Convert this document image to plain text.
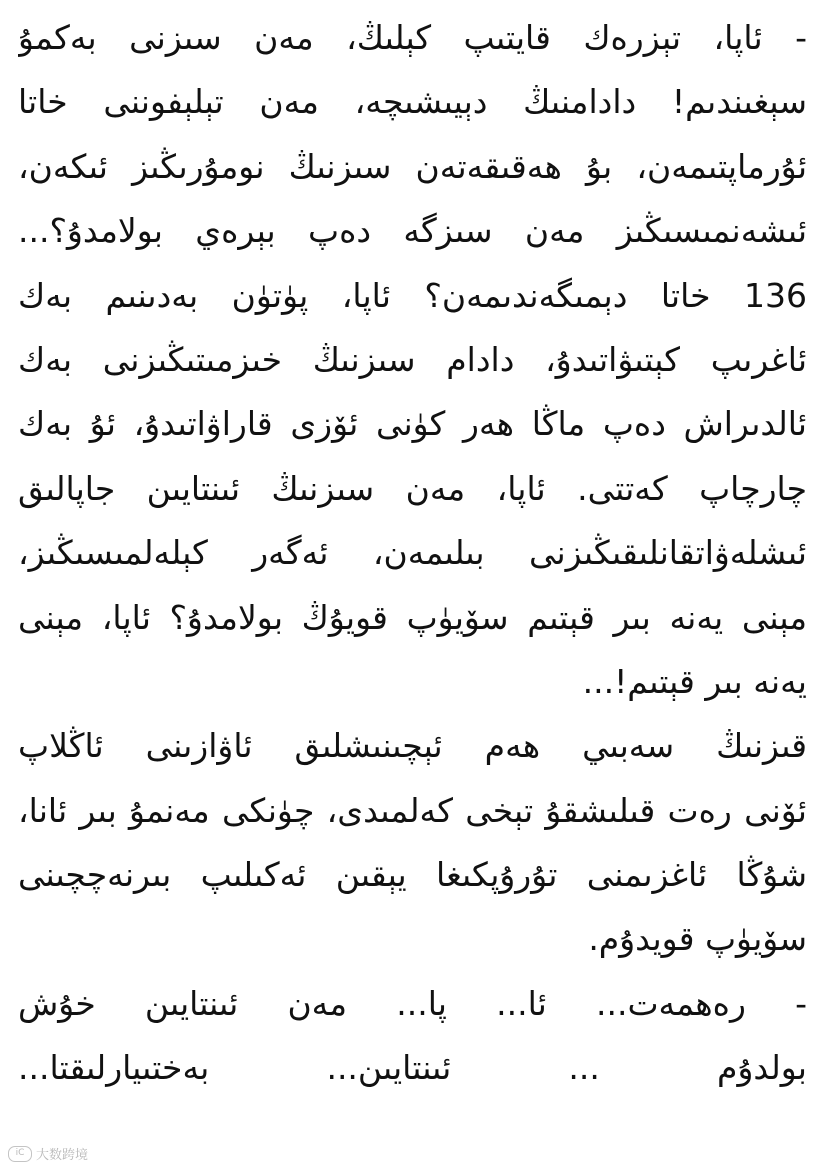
- ئاپا، تېزرەك قايتىپ كېلىڭ، مەن سىزنى بەكمۇ
سېغىندىم! دادامنىڭ دېيىشىچە، مەن تېلېفوننى خاتا
ئۇرماپتىمەن، بۇ ھەقىقەتەن سىزنىڭ نومۇرىڭىز ئىكەن،
ئىشەنمىسىڭىز مەن سىزگە دەپ بېرەي بولامدۇ؟...
136 خاتا دېمىگەندىمەن؟ ئاپا، پۈتۈن بەدىنىم بەك
ئاغرىپ كېتىۋاتىدۇ، دادام سىزنىڭ خىزمىتىڭىزنى بەك
ئالدىراش دەپ ماڭا ھەر كۈنى ئۆزى قاراۋاتىدۇ، ئۇ بەك
چارچاپ كەتتى. ئاپا، مەن سىزنىڭ ئىنتايىن جاپالىق
ئىشلەۋاتقانلىقىڭىزنى بىلىمەن، ئەگەر كېلەلمىسىڭىز،
مېنى يەنە بىر قېتىم سۆيۈپ قويۇڭ بولامدۇ؟ ئاپا، مېنى
يەنە بىر قېتىم!...
قىزنىڭ سەبىي ھەم ئېچىنىشلىق ئاۋازىنى ئاڭلاپ
ئۆنى رەت قىلىشقۇ تېخى كەلمىدى، چۈنكى مەنمۇ بىر ئانا،
شۇڭا ئاغزىمنى تۇرۇپكىغا يېقىن ئەكىلىپ بىرنەچچىنى
سۆيۈپ قويدۇم.
- رەھمەت... ئا... پا... مەن ئىنتايىن خۇش
بولدۇم ... ئىنتايىن... بەختىيارلىقتا...
iC 大数跨境
